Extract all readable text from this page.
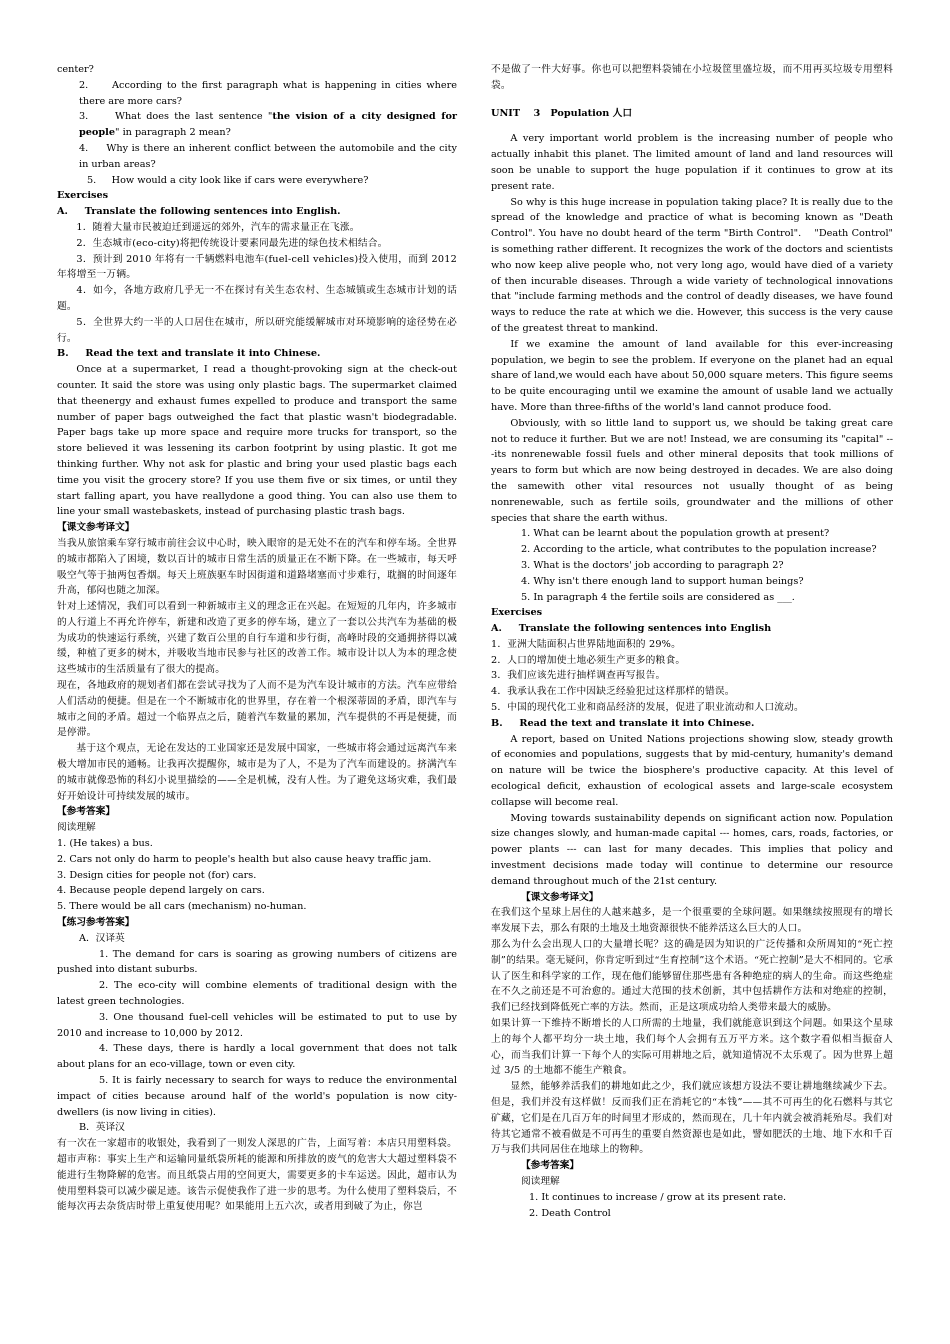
center?

2.     According to the first paragraph what is happening in cities where there are more cars?

3.     What does the last sentence "the vision of a city designed for people" in paragraph 2 mean?

4.     Why is there an inherent conflict between the automobile and the city in urban areas?

5.     How would a city look like if cars were everywhere?

Exercises

A.     Translate the following sentences into English.

1．随着大量市民被迫迁到遥远的郊外，汽车的需求量正在飞涨。

2．生态城市(eco-city)将把传统设计要素同最先进的绿色技术相结合。

3．预计到 2010 年将有一千辆燃料电池车(fuel-cell vehicles)投入使用，而到 2012 年将增至一万辆。

4．如今，各地方政府几乎无一不在探讨有关生态农村、生态城镇或生态城市计划的话题。

5．全世界大约一半的人口居住在城市，所以研究能缓解城市对环境影响的途径势在必行。

B.     Read the text and translate it into Chinese.

Once at a supermarket, I read a thought-provoking sign at the check-out counter. It said the store was using only plastic bags. The supermarket claimed that theenergy and exhaust fumes expelled to produce and transport the same number of paper bags outweighed the fact that plastic wasn't biodegradable. Paper bags take up more space and require more trucks for transport, so the store believed it was lessening its carbon footprint by using plastic. It got me thinking further. Why not ask for plastic and bring your used plastic bags each time you visit the grocery store? If you use them five or six times, or until they start falling apart, you have reallydone a good thing. You can also use them to line your small wastebaskets, instead of purchasing plastic trash bags.

【课文参考译文】

当我从旅馆乘车穿行城市前往会议中心时，映入眼帘的是无处不在的汽车和停车场。全世界的城市都陷入了困境，数以百计的城市日常生活的质量正在不断下降。在一些城市，每天呼吸空气等于抽两包香烟。每天上班族驱车时因街道和道路堵塞而寸步难行，耽搁的时间逐年升高，郁闷也随之加深。

针对上述情况，我们可以看到一种新城市主义的理念正在兴起。在短短的几年内，许多城市的人行道上不再允许停车，新建和改造了更多的停车场，建立了一套以公共汽车为基础的极为成功的快速运行系统，兴建了数百公里的自行车道和步行街，高峰时段的交通拥挤得以减缓，种植了更多的树木，并吸收当地市民参与社区的改善工作。城市设计以人为本的理念使这些城市的生活质量有了很大的提高。

现在，各地政府的规划者们都在尝试寻找为了人而不是为汽车设计城市的方法。汽车应带给人们活动的便捷。但是在一个不断城市化的世界里，存在着一个根深蒂固的矛盾，即汽车与城市之间的矛盾。超过一个临界点之后，随着汽车数量的累加，汽车提供的不再是便捷，而是停滞。

基于这个观点，无论在发达的工业国家还是发展中国家，一些城市将会通过远离汽车来极大增加市民的通畅。让我再次提醒你，城市是为了人，不是为了汽车而建设的。挤满汽车的城市就像恐怖的科幻小说里描绘的——全是机械，没有人性。为了避免这场灾难，我们最好开始设计可持续发展的城市。

【参考答案】

阅读理解

1. (He takes) a bus.

2. Cars not only do harm to people's health but also cause heavy traffic jam.

3. Design cities for people not (for) cars.

4. Because people depend largely on cars.

5. There would be all cars (mechanism) no-human.

【练习参考答案】

A．汉译英

1. The demand for cars is soaring as growing numbers of citizens are pushed into distant suburbs.

2. The eco-city will combine elements of traditional design with the latest green technologies.

3. One thousand fuel-cell vehicles will be estimated to put to use by 2010 and increase to 10,000 by 2012.

4. These days, there is hardly a local government that does not talk about plans for an eco-village, town or even city.

5. It is fairly necessary to search for ways to reduce the environmental impact of cities because around half of the world's population is now city-dwellers (is now living in cities).

B．英译汉

有一次在一家超市的收银处，我看到了一则发人深思的广告，上面写着：本店只用塑料袋。超市声称：事实上生产和运输同量纸袋所耗的能源和所排放的废气的危害大大超过塑料袋不能进行生物降解的危害。而且纸袋占用的空间更大，需要更多的卡车运送。因此，超市认为使用塑料袋可以减少碳足迹。该告示促使我作了进一步的思考。为什么使用了塑料袋后，不能每次再去杂货店时带上重复使用呢？如果能用上五六次，或者用到破了为止，你岂

不是做了一件大好事。你也可以把塑料袋铺在小垃圾筐里盛垃圾，而不用再买垃圾专用塑料袋。

UNIT    3   Population 人口

A very important world problem is the increasing number of people who actually inhabit this planet. The limited amount of land and land resources will soon be unable to support the huge population if it continues to grow at its present rate.

So why is this huge increase in population taking place? It is really due to the spread of the knowledge and practice of what is becoming known as "Death Control". You have no doubt heard of the term "Birth Control".    "Death Control" is something rather different. It recognizes the work of the doctors and scientists who now keep alive people who, not very long ago, would have died of a variety of then incurable diseases. Through a wide variety of technological innovations that "include farming methods and the control of deadly diseases, we have found ways to reduce the rate at which we die. However, this success is the very cause of the greatest threat to mankind.

If we examine the amount of land available for this ever-increasing population, we begin to see the problem. If everyone on the planet had an equal share of land,we would each have about 50,000 square meters. This figure seems to be quite encouraging until we examine the amount of usable land we actually have. More than three-fifths of the world's land cannot produce food.

Obviously, with so little land to support us, we should be taking great care not to reduce it further. But we are not! Instead, we are consuming its "capital" ---its nonrenewable fossil fuels and other mineral deposits that took millions of years to form but which are now being destroyed in decades. We are also doing the samewith other vital resources not usually thought of as being nonrenewable, such as fertile soils, groundwater and the millions of other species that share the earth withus.

1. What can be learnt about the population growth at present?

2. According to the article, what contributes to the population increase?

3. What is the doctors' job according to paragraph 2?

4. Why isn't there enough land to support human beings?

5. In paragraph 4 the fertile soils are considered as ___.

Exercises

A.     Translate the following sentences into English

1．亚洲大陆面积占世界陆地面积的 29%。

2．人口的增加使土地必须生产更多的粮食。

3．我们应该先进行抽样调查再写报告。

4．我承认我在工作中因缺乏经验犯过这样那样的错误。

5．中国的现代化工业和商品经济的发展，促进了职业流动和人口流动。

B.     Read the text and translate it into Chinese.

A report, based on United Nations projections showing slow, steady growth of economies and populations, suggests that by mid-century, humanity's demand on nature will be twice the biosphere's productive capacity. At this level of ecological deficit, exhaustion of ecological assets and large-scale ecosystem collapse will become real.

Moving towards sustainability depends on significant action now. Population size changes slowly, and human-made capital --- homes, cars, roads, factories, or power plants --- can last for many decades. This implies that policy and investment decisions made today will continue to determine our resource demand throughout much of the 21st century.

【课文参考译文】

在我们这个星球上居住的人越来越多，是一个很重要的全球问题。如果继续按照现有的增长率发展下去，那么有限的土地及土地资源很快不能养活这么巨大的人口。

那么为什么会出现人口的大量增长呢？这的确是因为知识的广泛传播和众所周知的“死亡控制”的结果。毫无疑问，你肯定听到过“生育控制”这个术语。“死亡控制”是大不相同的。它承认了医生和科学家的工作，现在他们能够留住那些患有各种绝症的病人的生命。而这些绝症在不久之前还是不可治愈的。通过大范围的技术创新，其中包括耕作方法和对绝症的控制，我们已经找到降低死亡率的方法。然而，正是这项成功给人类带来最大的威胁。

如果计算一下维持不断增长的人口所需的土地量，我们就能意识到这个问题。如果这个星球上的每个人都平均分一块土地，我们每个人会拥有五万平方米。这个数字看似相当振奋人心，而当我们计算一下每个人的实际可用耕地之后，就知道情况不太乐观了。因为世界上超过 3/5 的土地都不能生产粮食。

显然，能够养活我们的耕地如此之少，我们就应该想方设法不要让耕地继续减少下去。但是，我们并没有这样做！反而我们正在消耗它的“本钱”——其不可再生的化石燃料与其它矿藏，它们是在几百万年的时间里才形成的，然而现在，几十年内就会被消耗殆尽。我们对待其它通常不被看做是不可再生的重要自然资源也是如此，譬如肥沃的土地、地下水和千百万与我们共同居住在地球上的物种。

【参考答案】

阅读理解

1. It continues to increase / grow at its present rate.

2. Death Control
